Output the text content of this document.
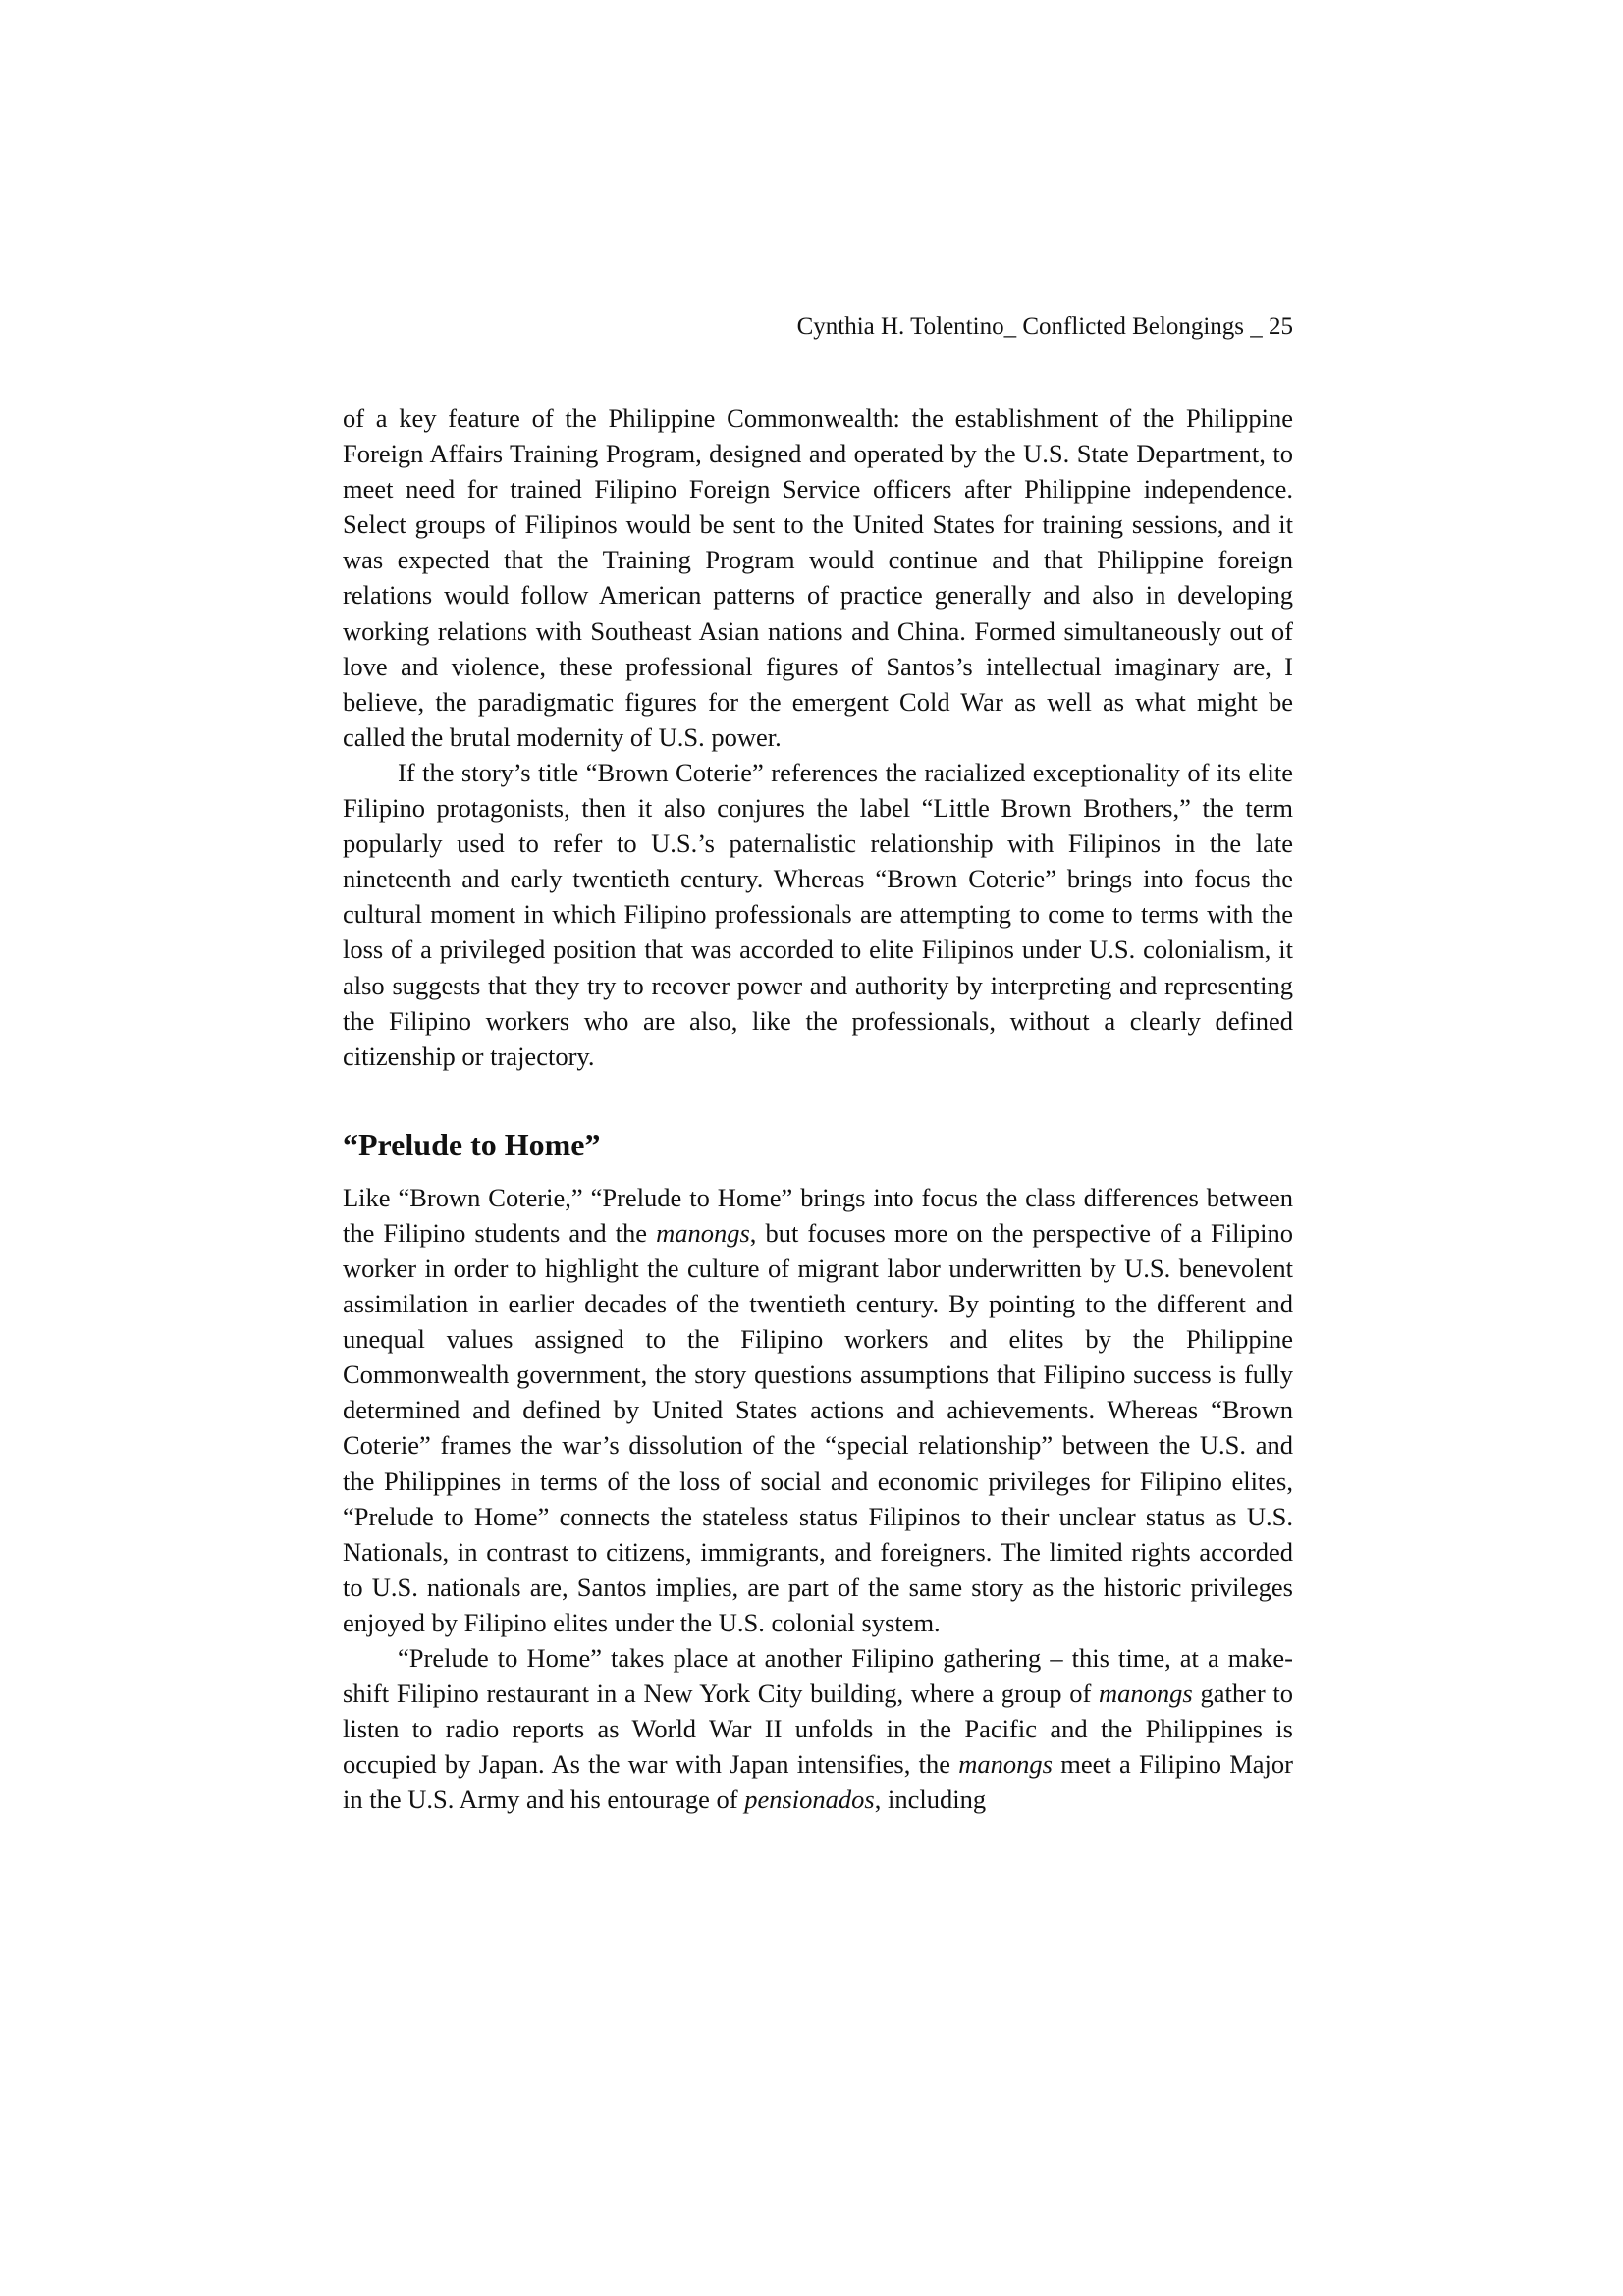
Cynthia H. Tolentino_ Conflicted Belongings _ 25

of a key feature of the Philippine Commonwealth: the establishment of the Philippine Foreign Affairs Training Program, designed and operated by the U.S. State Department, to meet need for trained Filipino Foreign Service officers after Philippine independence. Select groups of Filipinos would be sent to the United States for training sessions, and it was expected that the Training Program would continue and that Philippine foreign relations would follow American patterns of practice generally and also in developing working relations with Southeast Asian nations and China. Formed simultaneously out of love and violence, these professional figures of Santos’s intellectual imaginary are, I believe, the paradigmatic figures for the emergent Cold War as well as what might be called the brutal modernity of U.S. power.

If the story’s title “Brown Coterie” references the racialized exceptionality of its elite Filipino protagonists, then it also conjures the label “Little Brown Brothers,” the term popularly used to refer to U.S.’s paternalistic relationship with Filipinos in the late nineteenth and early twentieth century. Whereas “Brown Coterie” brings into focus the cultural moment in which Filipino professionals are attempting to come to terms with the loss of a privileged position that was accorded to elite Filipinos under U.S. colonialism, it also suggests that they try to recover power and authority by interpreting and representing the Filipino workers who are also, like the professionals, without a clearly defined citizenship or trajectory.

“Prelude to Home”

Like “Brown Coterie,” “Prelude to Home” brings into focus the class differences between the Filipino students and the manongs, but focuses more on the perspective of a Filipino worker in order to highlight the culture of migrant labor underwritten by U.S. benevolent assimilation in earlier decades of the twentieth century. By pointing to the different and unequal values assigned to the Filipino workers and elites by the Philippine Commonwealth government, the story questions assumptions that Filipino success is fully determined and defined by United States actions and achievements. Whereas “Brown Coterie” frames the war’s dissolution of the “special relationship” between the U.S. and the Philippines in terms of the loss of social and economic privileges for Filipino elites, “Prelude to Home” connects the stateless status Filipinos to their unclear status as U.S. Nationals, in contrast to citizens, immigrants, and foreigners. The limited rights accorded to U.S. nationals are, Santos implies, are part of the same story as the historic privileges enjoyed by Filipino elites under the U.S. colonial system.

“Prelude to Home” takes place at another Filipino gathering – this time, at a make-shift Filipino restaurant in a New York City building, where a group of manongs gather to listen to radio reports as World War II unfolds in the Pacific and the Philippines is occupied by Japan. As the war with Japan intensifies, the manongs meet a Filipino Major in the U.S. Army and his entourage of pensionados, including
